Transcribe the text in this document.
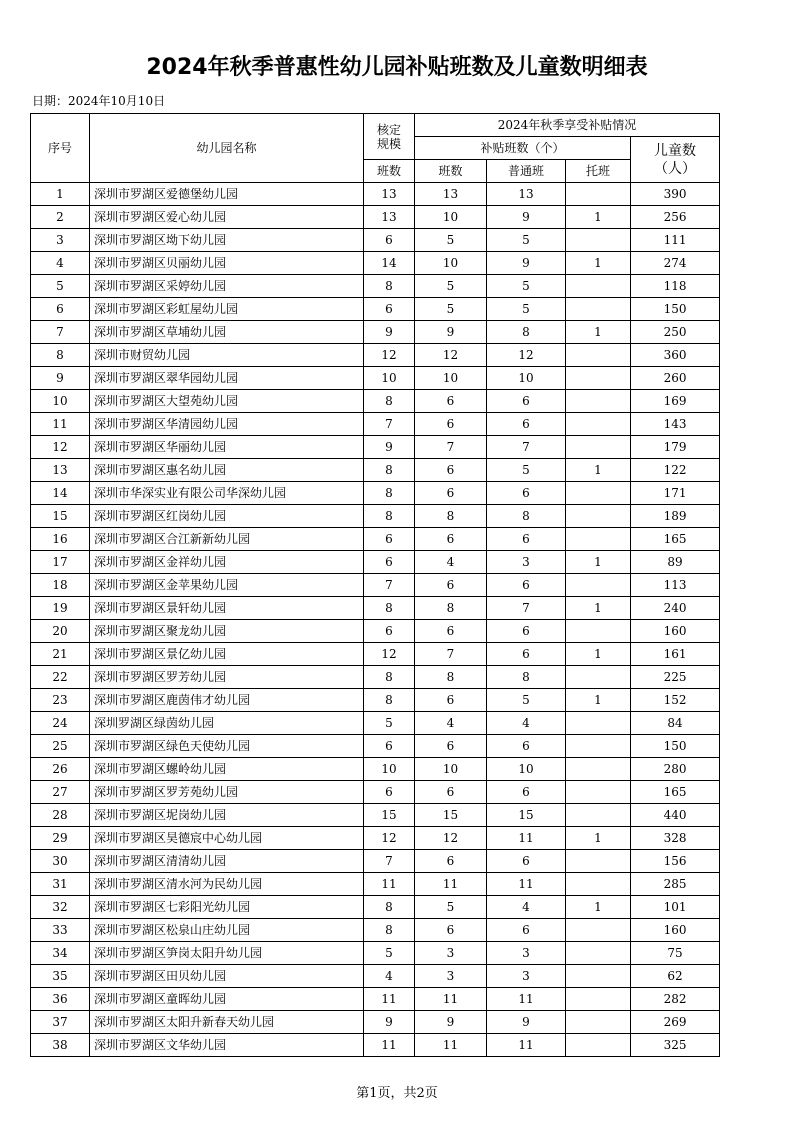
2024年秋季普惠性幼儿园补贴班数及儿童数明细表
日期：2024年10月10日
序号	幼儿园名称	核定规模	2024年秋季享受补贴情况			
			补贴班数（个）			儿童数（人）
		班数	班数	普通班	托班	
1	深圳市罗湖区爱德堡幼儿园	13	13	13		390
2	深圳市罗湖区爱心幼儿园	13	10	9	1	256
3	深圳市罗湖区坳下幼儿园	6	5	5		111
4	深圳市罗湖区贝丽幼儿园	14	10	9	1	274
5	深圳市罗湖区采婷幼儿园	8	5	5		118
6	深圳市罗湖区彩虹屋幼儿园	6	5	5		150
7	深圳市罗湖区草埔幼儿园	9	9	8	1	250
8	深圳市财贸幼儿园	12	12	12		360
9	深圳市罗湖区翠华园幼儿园	10	10	10		260
10	深圳市罗湖区大望苑幼儿园	8	6	6		169
11	深圳市罗湖区华清园幼儿园	7	6	6		143
12	深圳市罗湖区华丽幼儿园	9	7	7		179
13	深圳市罗湖区惠名幼儿园	8	6	5	1	122
14	深圳市华深实业有限公司华深幼儿园	8	6	6		171
15	深圳市罗湖区红岗幼儿园	8	8	8		189
16	深圳市罗湖区合江新新幼儿园	6	6	6		165
17	深圳市罗湖区金祥幼儿园	6	4	3	1	89
18	深圳市罗湖区金苹果幼儿园	7	6	6		113
19	深圳市罗湖区景轩幼儿园	8	8	7	1	240
20	深圳市罗湖区聚龙幼儿园	6	6	6		160
21	深圳市罗湖区景亿幼儿园	12	7	6	1	161
22	深圳市罗湖区罗芳幼儿园	8	8	8		225
23	深圳市罗湖区鹿茵伟才幼儿园	8	6	5	1	152
24	深圳罗湖区绿茵幼儿园	5	4	4		84
25	深圳市罗湖区绿色天使幼儿园	6	6	6		150
26	深圳市罗湖区螺岭幼儿园	10	10	10		280
27	深圳市罗湖区罗芳苑幼儿园	6	6	6		165
28	深圳市罗湖区坭岗幼儿园	15	15	15		440
29	深圳市罗湖区昊德宸中心幼儿园	12	12	11	1	328
30	深圳市罗湖区清清幼儿园	7	6	6		156
31	深圳市罗湖区清水河为民幼儿园	11	11	11		285
32	深圳市罗湖区七彩阳光幼儿园	8	5	4	1	101
33	深圳市罗湖区松泉山庄幼儿园	8	6	6		160
34	深圳市罗湖区笋岗太阳升幼儿园	5	3	3		75
35	深圳市罗湖区田贝幼儿园	4	3	3		62
36	深圳市罗湖区童晖幼儿园	11	11	11		282
37	深圳市罗湖区太阳升新春天幼儿园	9	9	9		269
38	深圳市罗湖区文华幼儿园	11	11	11		325
第1页，共2页
